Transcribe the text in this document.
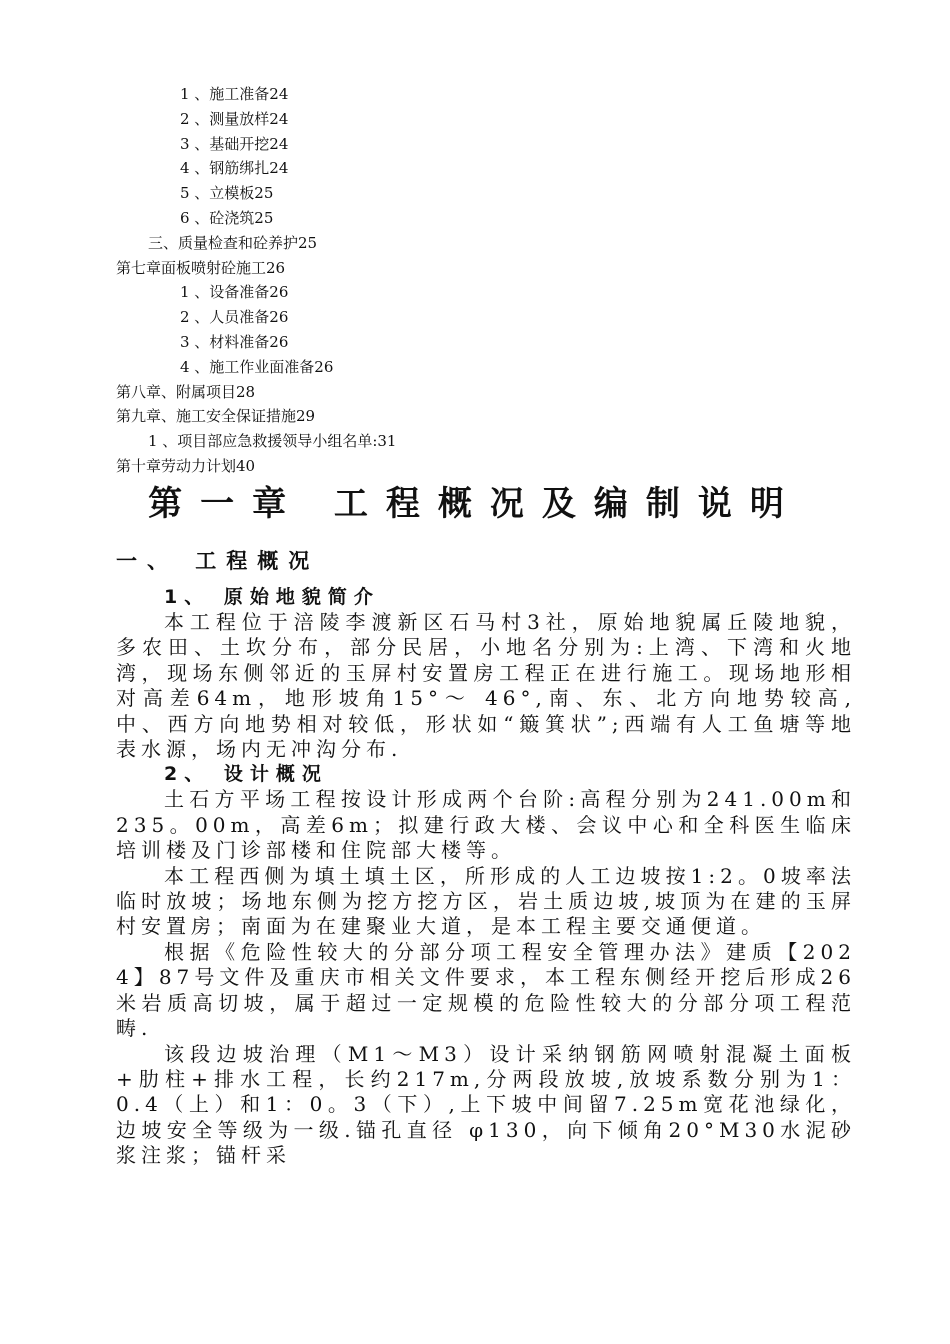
1 、施工准备24
2 、测量放样24
3 、基础开挖24
4 、钢筋绑扎24
5 、立模板25
6 、砼浇筑25
三、质量检查和砼养护25
第七章面板喷射砼施工26
1 、设备准备26
2 、人员准备26
3 、材料准备26
4 、施工作业面准备26
第八章、附属项目28
第九章、施工安全保证措施29
1 、项目部应急救援领导小组名单:31
第十章劳动力计划40
第一章 工程概况及编制说明
一、 工程概况
1、 原始地貌简介

本工程位于涪陵李渡新区石马村3社，原始地貌属丘陵地貌，多农田、土坎分布，部分民居，小地名分别为:上湾、下湾和火地湾，现场东侧邻近的玉屏村安置房工程正在进行施工。现场地形相对高差64m，地形坡角15°～ 46°,南、东、北方向地势较高,中、西方向地势相对较低，形状如“簸箕状”;西端有人工鱼塘等地表水源，场内无冲沟分布.

2、 设计概况

土石方平场工程按设计形成两个台阶:高程分别为241.00m和235。00m，高差6m；拟建行政大楼、会议中心和全科医生临床培训楼及门诊部楼和住院部大楼等。

本工程西侧为填土填土区，所形成的人工边坡按1:2。0坡率法临时放坡；场地东侧为挖方挖方区，岩土质边坡,坡顶为在建的玉屏村安置房；南面为在建聚业大道，是本工程主要交通便道。

根据《危险性较大的分部分项工程安全管理办法》建质【2024】87号文件及重庆市相关文件要求，本工程东侧经开挖后形成26米岩质高切坡，属于超过一定规模的危险性较大的分部分项工程范畴.

该段边坡治理（M1～M3）设计采纳钢筋网喷射混凝土面板+肋柱+排水工程，长约217m,分两段放坡,放坡系数分别为1：0.4（上）和1：0。3（下）,上下坡中间留7.25m宽花池绿化，边坡安全等级为一级.锚孔直径 φ130，向下倾角20°M30水泥砂浆注浆；锚杆采
